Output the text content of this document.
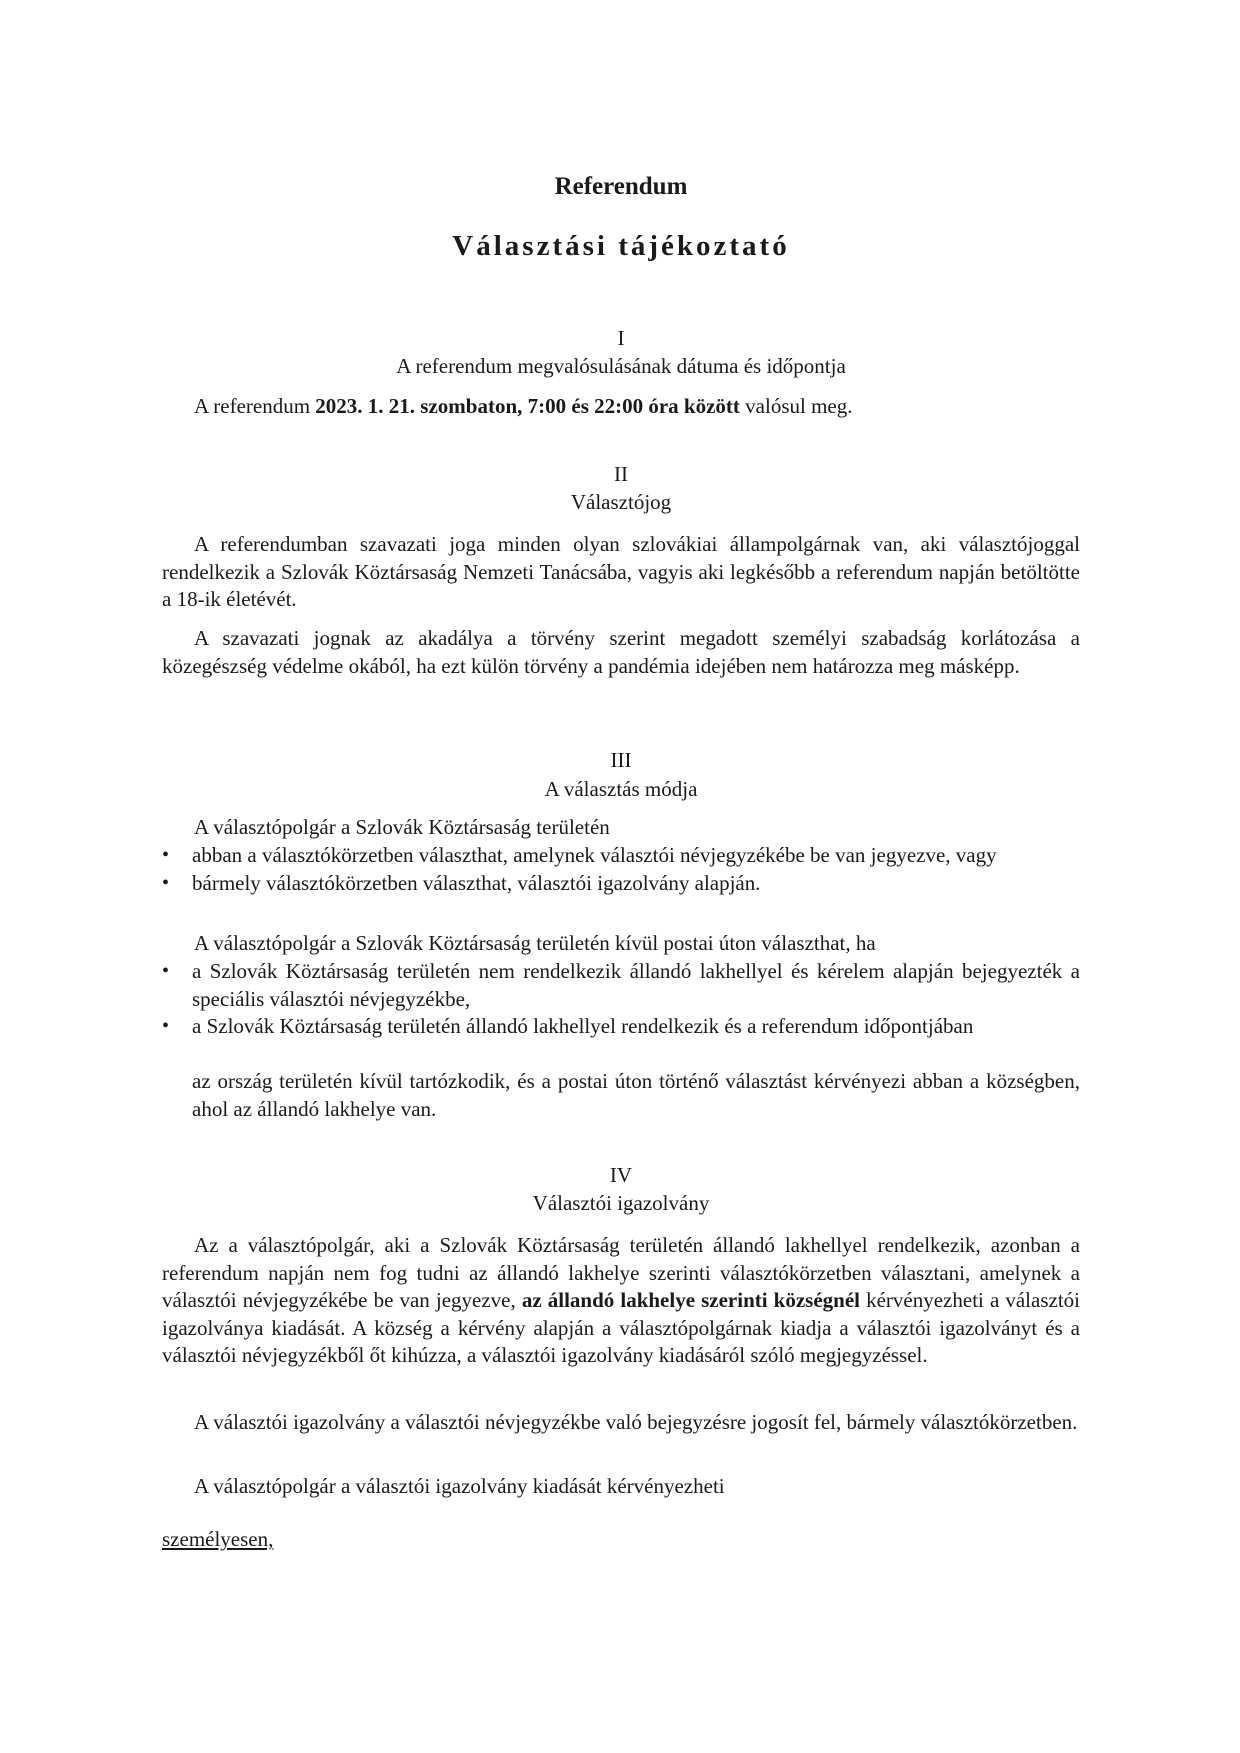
Referendum
Választási tájékoztató
I
A referendum megvalósulásának dátuma és időpontja
A referendum 2023. 1. 21. szombaton, 7:00 és 22:00 óra között valósul meg.
II
Választójog
A referendumban szavazati joga minden olyan szlovákiai állampolgárnak van, aki választójoggal rendelkezik a Szlovák Köztársaság Nemzeti Tanácsába, vagyis aki legkésőbb a referendum napján betöltötte a 18-ik életévét.
A szavazati jognak az akadálya a törvény szerint megadott személyi szabadság korlátozása a közegészség védelme okából, ha ezt külön törvény a pandémia idejében nem határozza meg másképp.
III
A választás módja
A választópolgár a Szlovák Köztársaság területén
• abban a választókörzetben választhat, amelynek választói névjegyzékébe be van jegyezve, vagy
• bármely választókörzetben választhat, választói igazolvány alapján.
A választópolgár a Szlovák Köztársaság területén kívül postai úton választhat, ha
• a Szlovák Köztársaság területén nem rendelkezik állandó lakhellyel és kérelem alapján bejegyezték a speciális választói névjegyzékbe,
• a Szlovák Köztársaság területén állandó lakhellyel rendelkezik és a referendum időpontjában
az ország területén kívül tartózkodik, és a postai úton történő választást kérvényezi abban a községben, ahol az állandó lakhelye van.
IV
Választói igazolvány
Az a választópolgár, aki a Szlovák Köztársaság területén állandó lakhellyel rendelkezik, azonban a referendum napján nem fog tudni az állandó lakhelye szerinti választókörzetben választani, amelynek a választói névjegyzékébe be van jegyezve, az állandó lakhelye szerinti községnél kérvényezheti a választói igazolványa kiadását. A község a kérvény alapján a választópolgárnak kiadja a választói igazolványt és a választói névjegyzékből őt kihúzza, a választói igazolvány kiadásáról szóló megjegyzéssel.
A választói igazolvány a választói névjegyzékbe való bejegyzésre jogosít fel, bármely választókörzetben.
A választópolgár a választói igazolvány kiadását kérvényezheti
személyesen,
